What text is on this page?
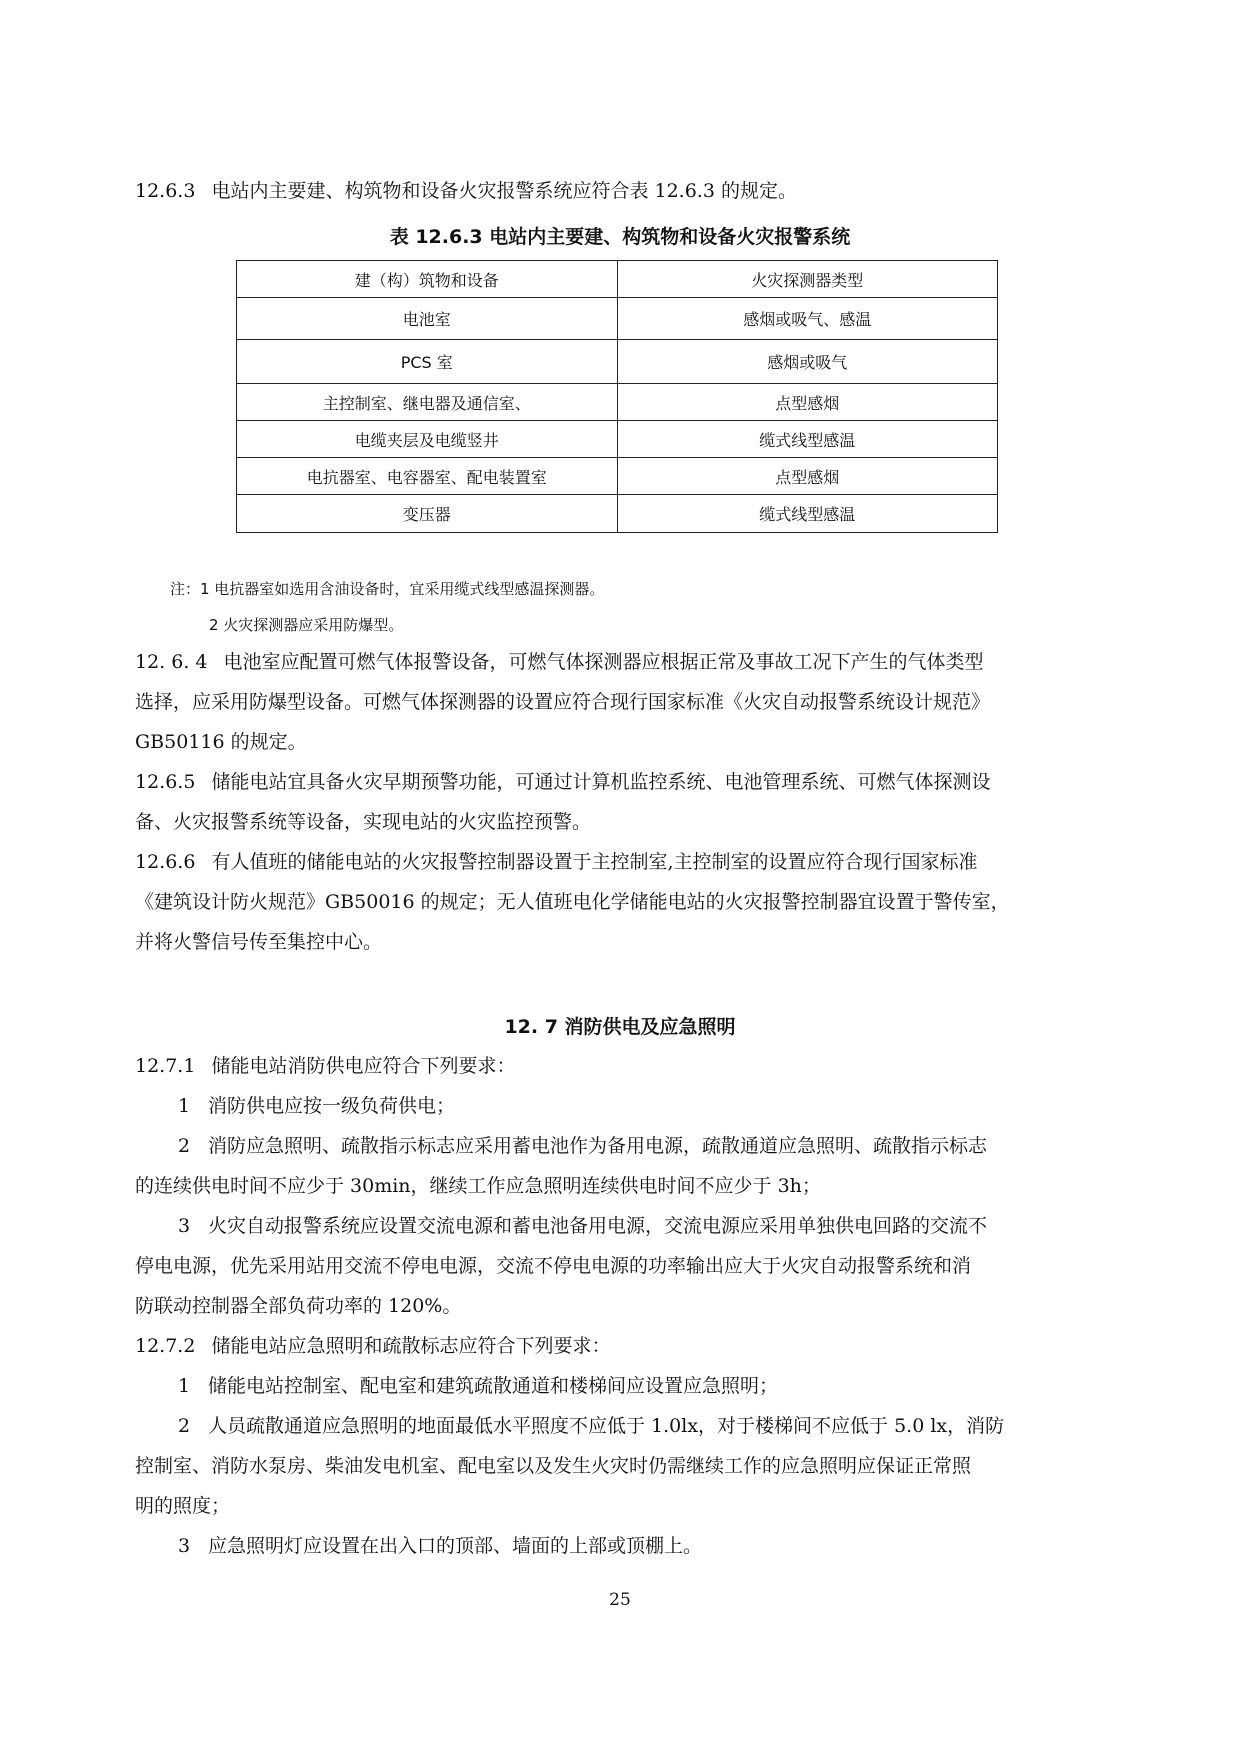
12.6.3 电站内主要建、构筑物和设备火灾报警系统应符合表 12.6.3 的规定。

表 12.6.3 电站内主要建、构筑物和设备火灾报警系统

建（构）筑物和设备	火灾探测器类型
电池室	感烟或吸气、感温
PCS 室	感烟或吸气
主控制室、继电器及通信室、	点型感烟
电缆夹层及电缆竖井	缆式线型感温
电抗器室、电容器室、配电装置室	点型感烟
变压器	缆式线型感温

注：1 电抗器室如选用含油设备时，宜采用缆式线型感温探测器。

2 火灾探测器应采用防爆型。

12. 6. 4 电池室应配置可燃气体报警设备，可燃气体探测器应根据正常及事故工况下产生的气体类型

选择，应采用防爆型设备。可燃气体探测器的设置应符合现行国家标准《火灾自动报警系统设计规范》

GB50116 的规定。

12.6.5 储能电站宜具备火灾早期预警功能，可通过计算机监控系统、电池管理系统、可燃气体探测设

备、火灾报警系统等设备，实现电站的火灾监控预警。

12.6.6 有人值班的储能电站的火灾报警控制器设置于主控制室,主控制室的设置应符合现行国家标准

《建筑设计防火规范》GB50016 的规定；无人值班电化学储能电站的火灾报警控制器宜设置于警传室，

并将火警信号传至集控中心。

12. 7 消防供电及应急照明

12.7.1 储能电站消防供电应符合下列要求：

1 消防供电应按一级负荷供电；

2 消防应急照明、疏散指示标志应采用蓄电池作为备用电源，疏散通道应急照明、疏散指示标志

的连续供电时间不应少于 30min，继续工作应急照明连续供电时间不应少于 3h；

3 火灾自动报警系统应设置交流电源和蓄电池备用电源，交流电源应采用单独供电回路的交流不

停电电源，优先采用站用交流不停电电源，交流不停电电源的功率输出应大于火灾自动报警系统和消

防联动控制器全部负荷功率的 120%。

12.7.2 储能电站应急照明和疏散标志应符合下列要求：

1 储能电站控制室、配电室和建筑疏散通道和楼梯间应设置应急照明；

2 人员疏散通道应急照明的地面最低水平照度不应低于 1.0lx，对于楼梯间不应低于 5.0 lx，消防

控制室、消防水泵房、柴油发电机室、配电室以及发生火灾时仍需继续工作的应急照明应保证正常照

明的照度；

3 应急照明灯应设置在出入口的顶部、墙面的上部或顶棚上。

25
